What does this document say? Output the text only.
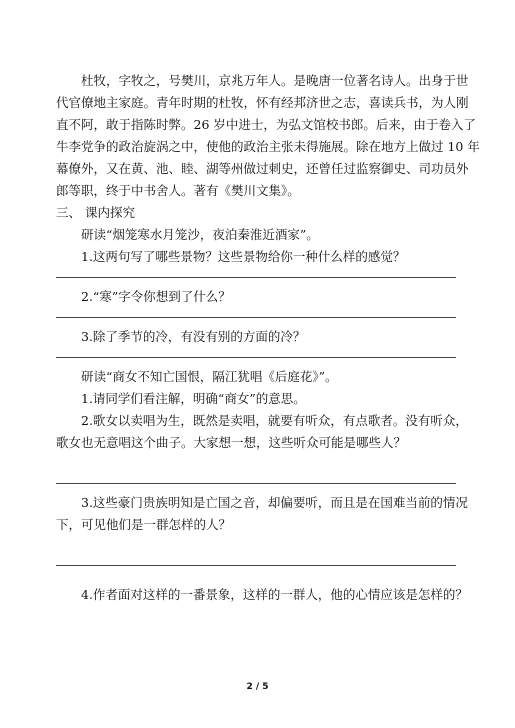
杜牧，字牧之，号樊川，京兆万年人。是晚唐一位著名诗人。出身于世
代官僚地主家庭。青年时期的杜牧，怀有经邦济世之志，喜读兵书，为人刚
直不阿，敢于指陈时弊。26 岁中进士，为弘文馆校书郎。后来，由于卷入了
牛李党争的政治旋涡之中，使他的政治主张未得施展。除在地方上做过 10 年
幕僚外，又在黄、池、睦、湖等州做过刺史，还曾任过监察御史、司功员外
郎等职，终于中书舍人。著有《樊川文集》。
三、 课内探究
研读“烟笼寒水月笼沙，夜泊秦淮近酒家”。
1.这两句写了哪些景物？这些景物给你一种什么样的感觉？
2.“寒”字令你想到了什么？
3.除了季节的冷，有没有别的方面的冷？
研读“商女不知亡国恨，隔江犹唱《后庭花》”。
1.请同学们看注解，明确“商女”的意思。
2.歌女以卖唱为生，既然是卖唱，就要有听众，有点歌者。没有听众，
歌女也无意唱这个曲子。大家想一想，这些听众可能是哪些人？
3.这些豪门贵族明知是亡国之音，却偏要听，而且是在国难当前的情况
下，可见他们是一群怎样的人？
4.作者面对这样的一番景象，这样的一群人，他的心情应该是怎样的？
2 / 5
